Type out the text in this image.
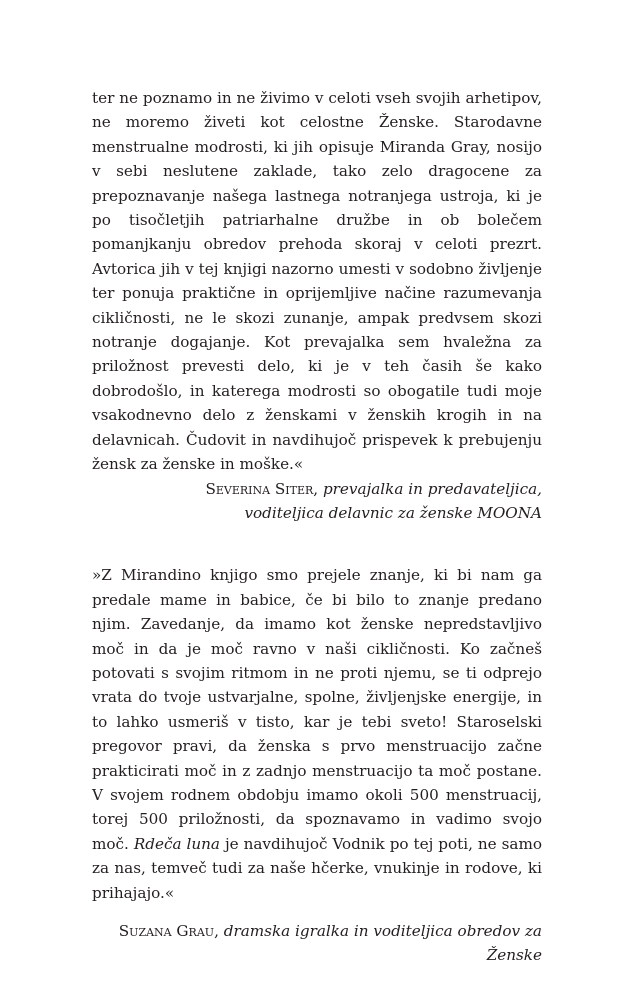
ter ne poznamo in ne živimo v celoti vseh svojih arhetipov, ne moremo živeti kot celostne Ženske. Starodavne menstrualne modrosti, ki jih opisuje Miranda Gray, nosijo v sebi neslutene zaklade, tako zelo dragocene za prepoznavanje našega lastnega notranjega ustroja, ki je po tisočletjih patriarhalne družbe in ob bolečem pomanjkanju obredov prehoda skoraj v celoti prezrt. Avtorica jih v tej knjigi nazorno umesti v sodobno življenje ter ponuja praktične in oprijemljive načine razumevanja cikličnosti, ne le skozi zunanje, ampak predvsem skozi notranje dogajanje. Kot prevajalka sem hvaležna za priložnost prevesti delo, ki je v teh časih še kako dobrodošlo, in katerega modrosti so obogatile tudi moje vsakodnevno delo z ženskami v ženskih krogih in na delavnicah. Čudovit in navdihujoč prispevek k prebujenju žensk za ženske in moške.«

Severina Siter, prevajalka in predavateljica,
voditeljica delavnic za ženske MOONA

»Z Mirandino knjigo smo prejele znanje, ki bi nam ga predale mame in babice, če bi bilo to znanje predano njim. Zavedanje, da imamo kot ženske nepredstavljivo moč in da je moč ravno v naši cikličnosti. Ko začneš potovati s svojim ritmom in ne proti njemu, se ti odprejo vrata do tvoje ustvarjalne, spolne, življenjske energije, in to lahko usmeriš v tisto, kar je tebi sveto! Staroselski pregovor pravi, da ženska s prvo menstruacijo začne prakticirati moč in z zadnjo menstruacijo ta moč postane. V svojem rodnem obdobju imamo okoli 500 menstruacij, torej 500 priložnosti, da spoznavamo in vadimo svojo moč. Rdeča luna je navdihujoč Vodnik po tej poti, ne samo za nas, temveč tudi za naše hčerke, vnukinje in rodove, ki prihajajo.«

Suzana Grau, dramska igralka in voditeljica obredov za Ženske
